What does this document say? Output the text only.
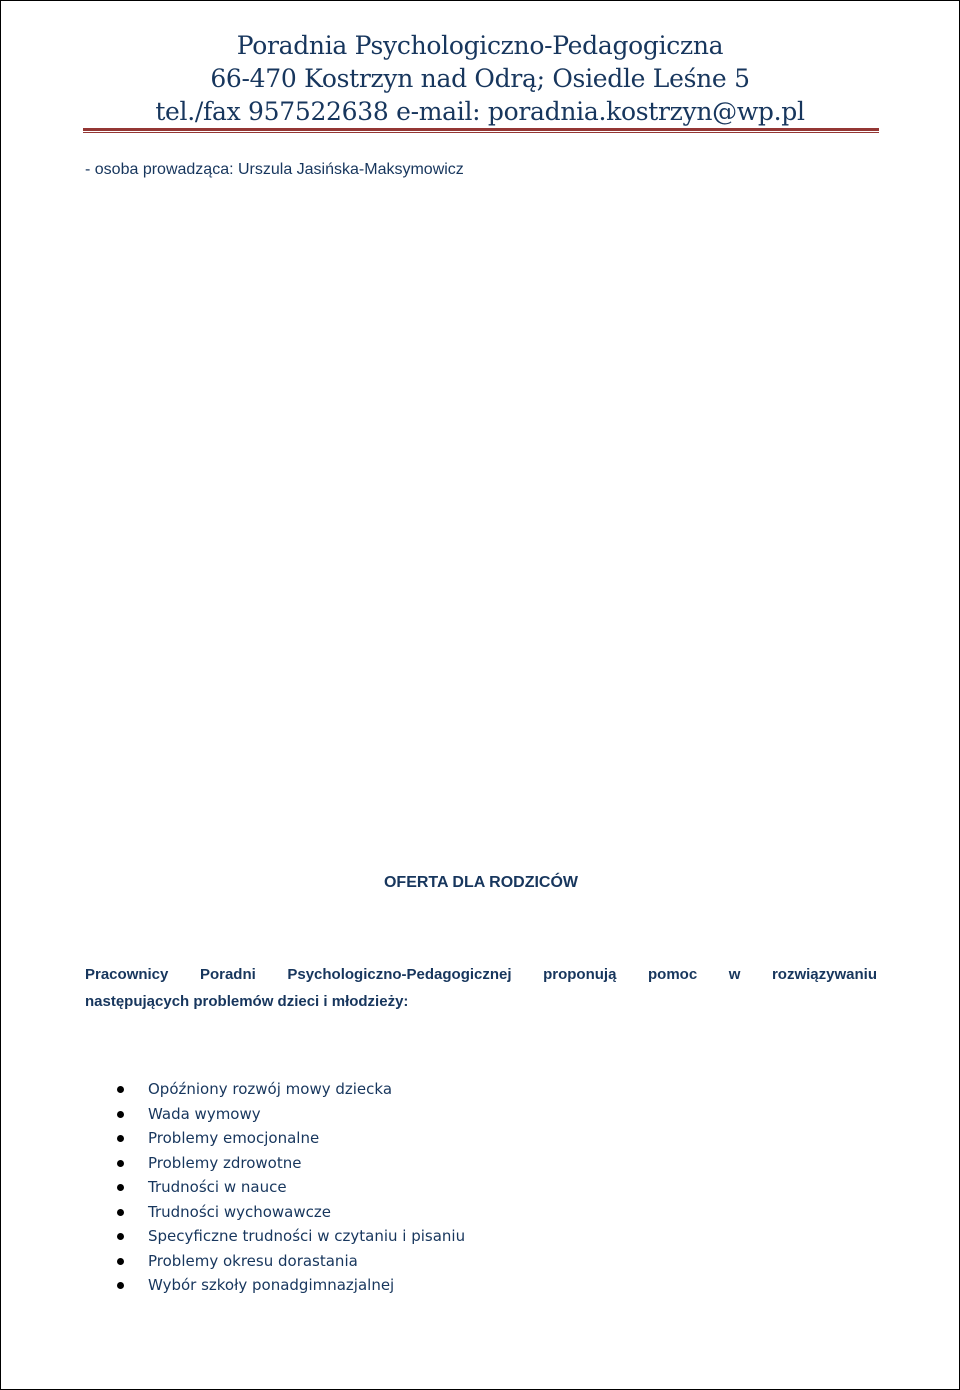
Poradnia Psychologiczno-Pedagogiczna
66-470 Kostrzyn nad Odrą; Osiedle Leśne 5
tel./fax 957522638 e-mail: poradnia.kostrzyn@wp.pl
- osoba prowadząca: Urszula Jasińska-Maksymowicz
OFERTA DLA RODZICÓW
Pracownicy Poradni Psychologiczno-Pedagogicznej proponują pomoc w rozwiązywaniu
następujących problemów dzieci i młodzieży:
Opóźniony rozwój mowy dziecka
Wada wymowy
Problemy emocjonalne
Problemy zdrowotne
Trudności w nauce
Trudności wychowawcze
Specyficzne trudności w czytaniu i pisaniu
Problemy okresu dorastania
Wybór szkoły ponadgimnazjalnej
